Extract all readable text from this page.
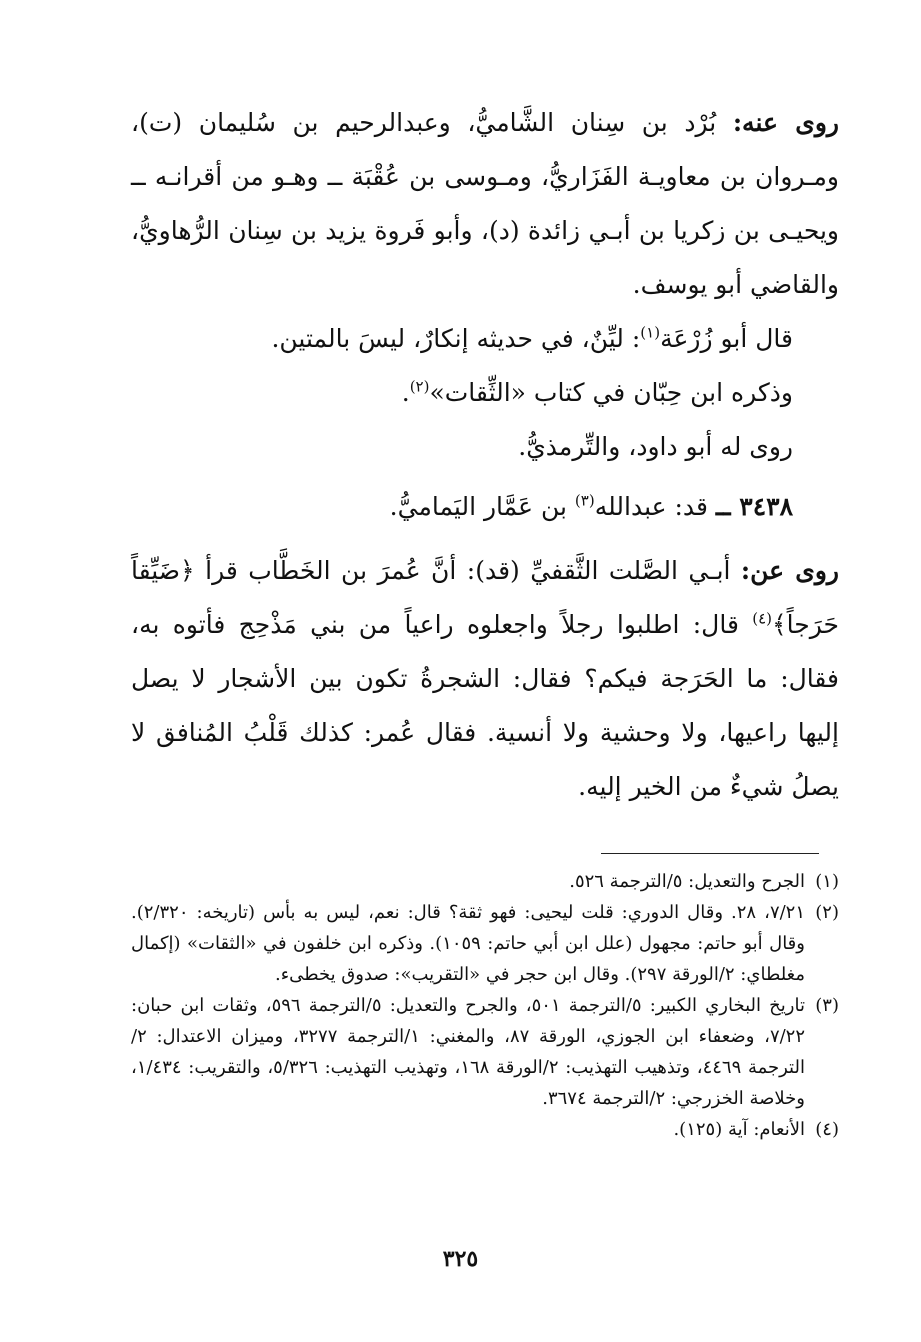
روى عنه: بُرْد بن سِنان الشَّاميُّ، وعبدالرحيم بن سُليمان (ت)، ومـروان بن معاويـة الفَزَاريُّ، ومـوسى بن عُقْبَة ــ وهـو من أقرانـه ــ ويحيـى بن زكريا بن أبـي زائدة (د)، وأبو فَروة يزيد بن سِنان الرُّهاويُّ، والقاضي أبو يوسف.

قال أبو زُرْعَة$^{(١)}$: ليِّنٌ، في حديثه إنكارٌ، ليسَ بالمتين.

وذكره ابن حِبّان في كتاب «الثِّقات»$^{(٢)}$.

روى له أبو داود، والتِّرمذيُّ.

٣٤٣٨ ــ قد: عبدالله$^{(٣)}$ بن عَمَّار اليَماميُّ.

روى عن: أبـي الصَّلت الثَّقفيِّ (قد): أنَّ عُمرَ بن الخَطَّاب قرأ ﴿ضَيِّقاً حَرَجاً﴾$^{(٤)}$ قال: اطلبوا رجلاً واجعلوه راعياً من بني مَذْحِج فأتوه به، فقال: ما الحَرَجة فيكم؟ فقال: الشجرةُ تكون بين الأشجار لا يصل إليها راعيها، ولا وحشية ولا أنسية. فقال عُمر: كذلك قَلْبُ المُنافق لا يصلُ شيءٌ من الخير إليه.

(١)
الجرح والتعديل: ٥/الترجمة ٥٢٦.
(٢)
٧/٢١، ٢٨. وقال الدوري: قلت ليحيى: فهو ثقة؟ قال: نعم، ليس به بأس (تاريخه: ٢/٣٢٠). وقال أبو حاتم: مجهول (علل ابن أبي حاتم: ١٠٥٩). وذكره ابن خلفون في «الثقات» (إكمال مغلطاي: ٢/الورقة ٢٩٧). وقال ابن حجر في «التقريب»: صدوق يخطىء.
(٣)
تاريخ البخاري الكبير: ٥/الترجمة ٥٠١، والجرح والتعديل: ٥/الترجمة ٥٩٦، وثقات ابن حبان: ٧/٢٢، وضعفاء ابن الجوزي، الورقة ٨٧، والمغني: ١/الترجمة ٣٢٧٧، وميزان الاعتدال: ٢/الترجمة ٤٤٦٩، وتذهيب التهذيب: ٢/الورقة ١٦٨، وتهذيب التهذيب: ٥/٣٢٦، والتقريب: ١/٤٣٤، وخلاصة الخزرجي: ٢/الترجمة ٣٦٧٤.
(٤)
الأنعام: آية (١٢٥).
٣٢٥
